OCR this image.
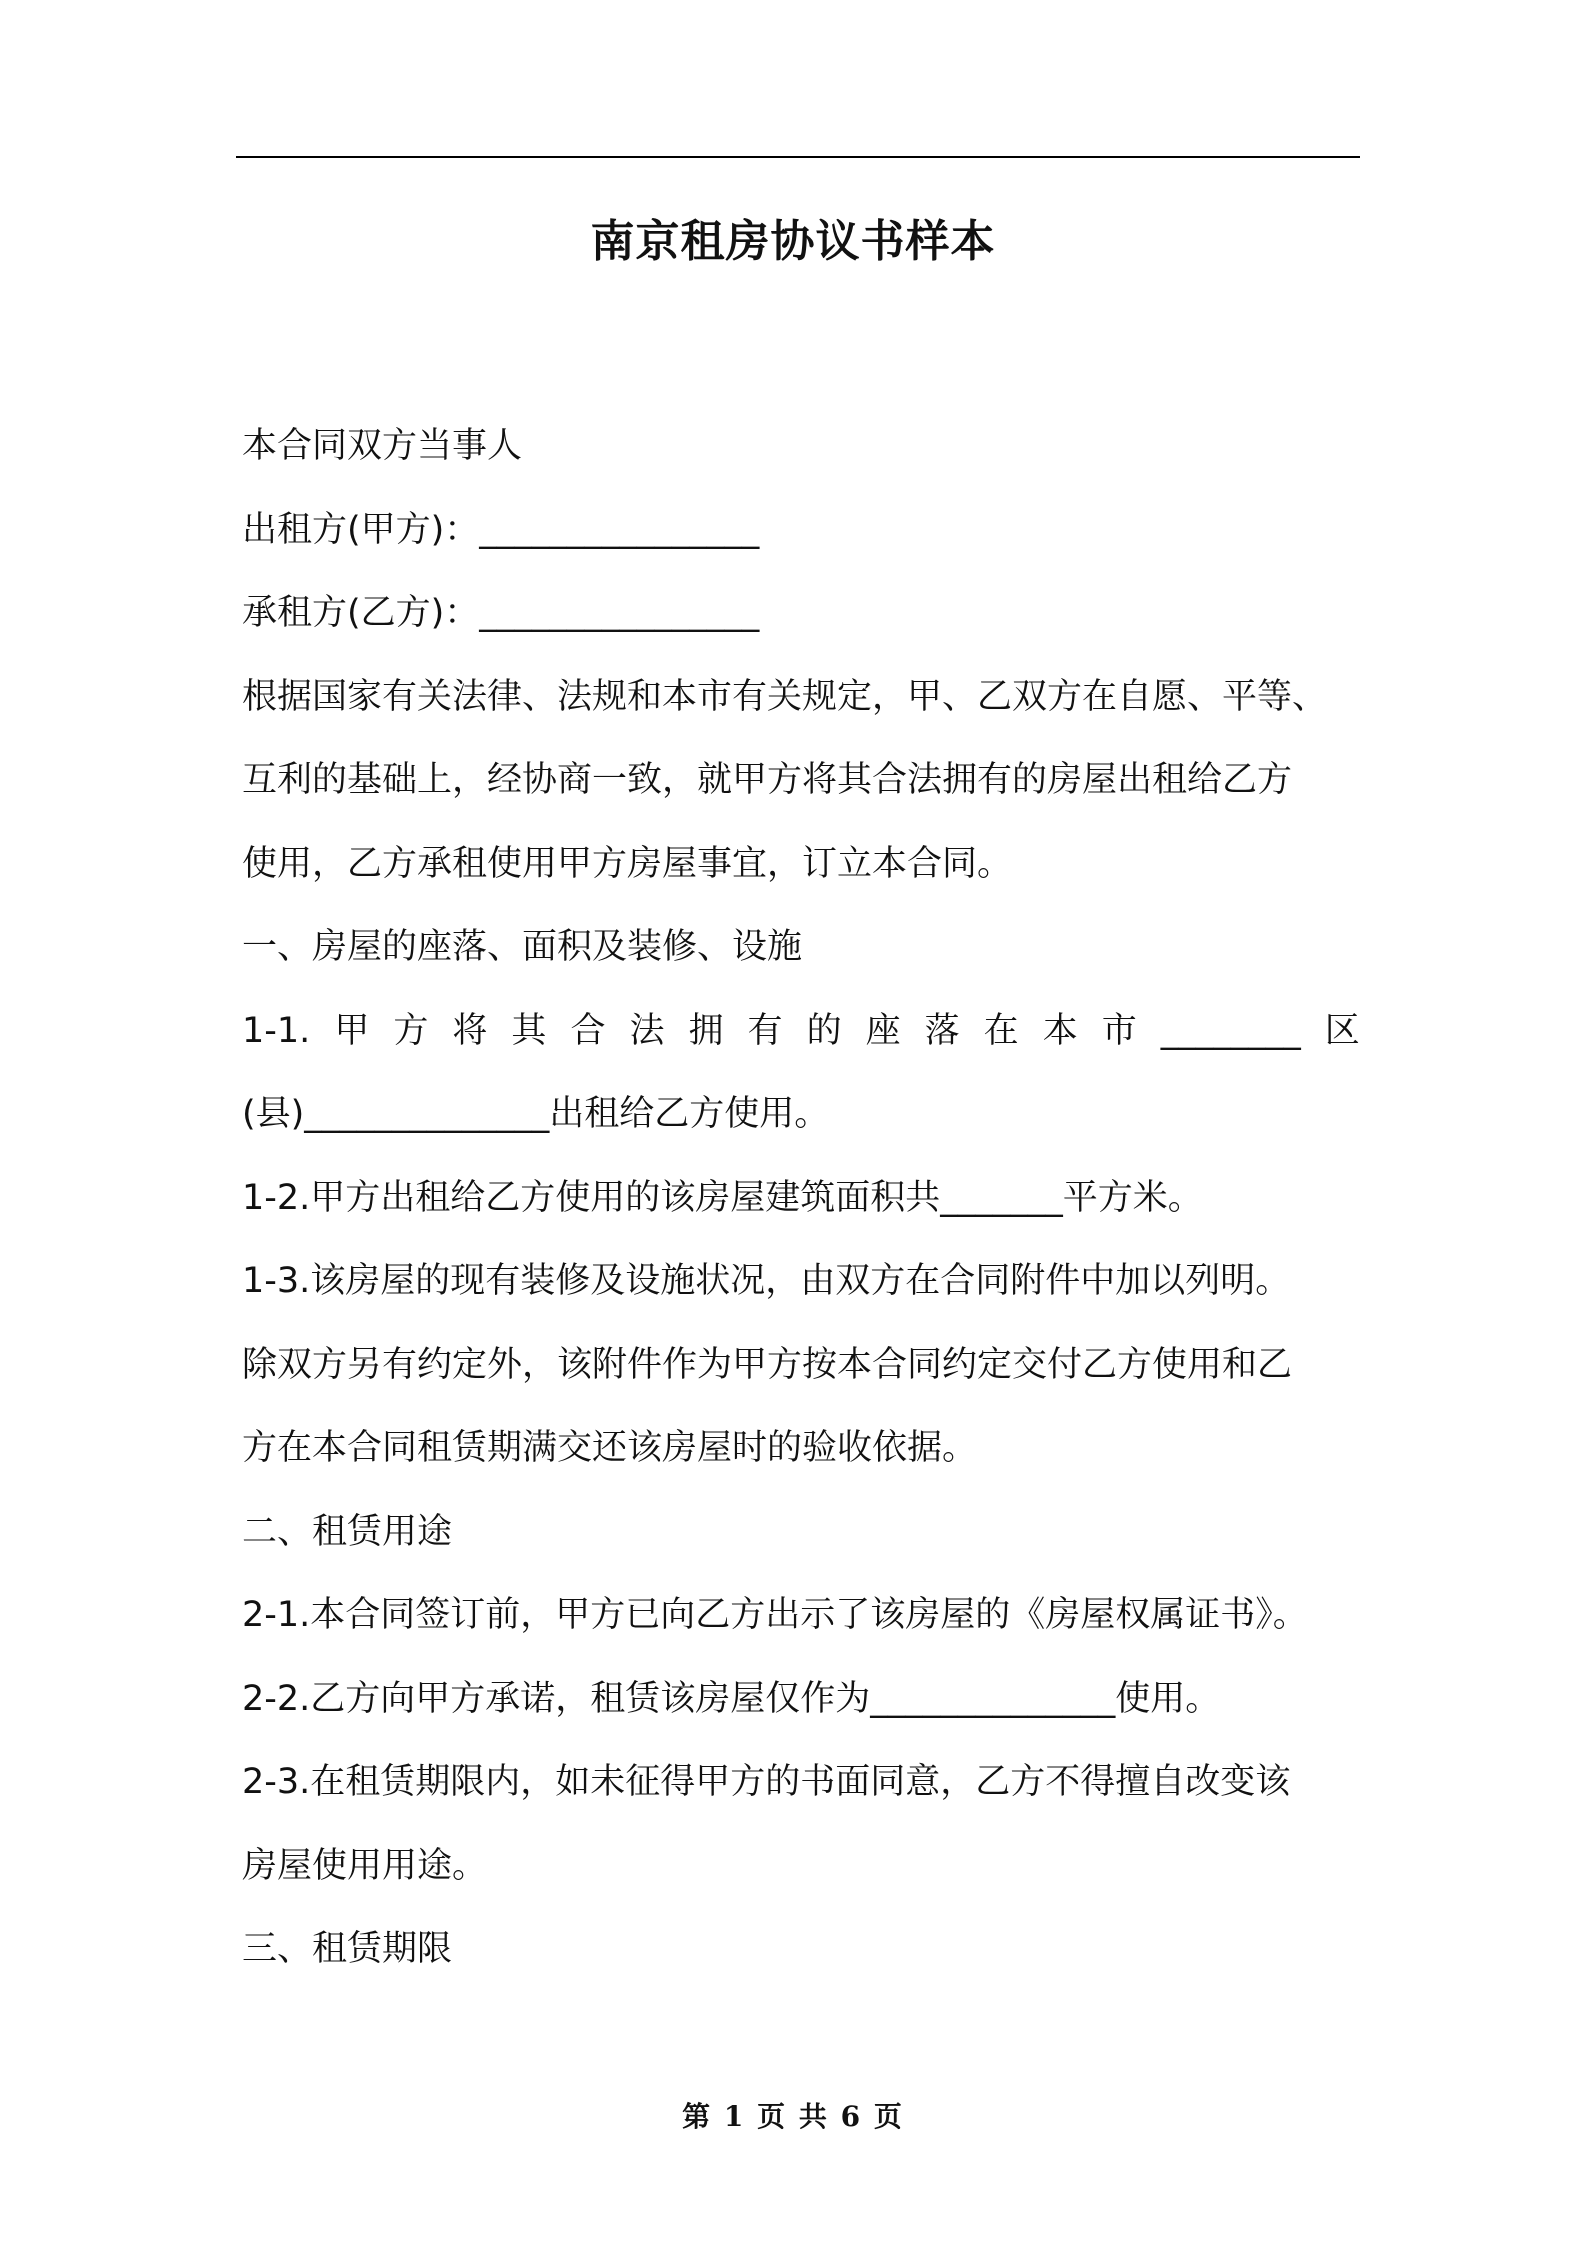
南京租房协议书样本

本合同双方当事人

出租方(甲方)：________________

承租方(乙方)：________________

根据国家有关法律、法规和本市有关规定，甲、乙双方在自愿、平等、

互利的基础上，经协商一致，就甲方将其合法拥有的房屋出租给乙方

使用，乙方承租使用甲方房屋事宜，订立本合同。

一、房屋的座落、面积及装修、设施

1-1. 甲 方 将 其 合 法 拥 有 的 座 落 在 本 市 ________ 区

(县)______________出租给乙方使用。

1-2.甲方出租给乙方使用的该房屋建筑面积共_______平方米。

1-3.该房屋的现有装修及设施状况，由双方在合同附件中加以列明。

除双方另有约定外，该附件作为甲方按本合同约定交付乙方使用和乙

方在本合同租赁期满交还该房屋时的验收依据。

二、租赁用途

2-1.本合同签订前，甲方已向乙方出示了该房屋的《房屋权属证书》。

2-2.乙方向甲方承诺，租赁该房屋仅作为______________使用。

2-3.在租赁期限内，如未征得甲方的书面同意，乙方不得擅自改变该

房屋使用用途。

三、租赁期限

第 1 页 共 6 页
